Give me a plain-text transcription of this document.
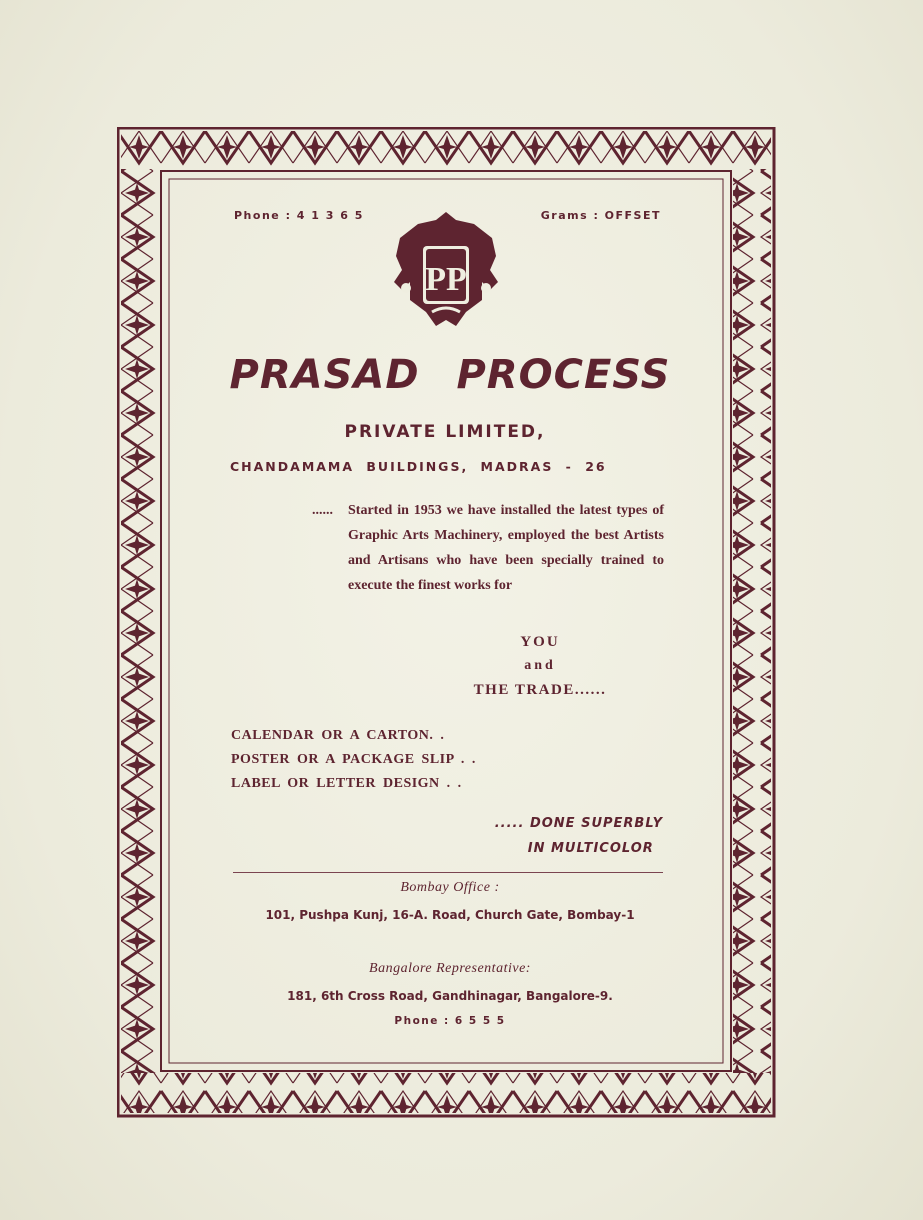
Phone : 4 1 3 6 5	Grams : OFFSET
PP
PRASAD PROCESS
PRIVATE LIMITED,
CHANDAMAMA BUILDINGS, MADRAS - 26
...... Started in 1953 we have installed the latest types of Graphic Arts Machinery, employed the best Artists and Artisans who have been specially trained to execute the finest works for

YOU
and
THE TRADE......
CALENDAR OR A CARTON. .
POSTER OR A PACKAGE SLIP . .
LABEL OR LETTER DESIGN . .
..... DONE SUPERBLY
IN MULTICOLOR
Bombay Office :
101, Pushpa Kunj, 16-A. Road, Church Gate, Bombay-1
Bangalore Representative:
181, 6th Cross Road, Gandhinagar, Bangalore-9.
Phone : 6 5 5 5
